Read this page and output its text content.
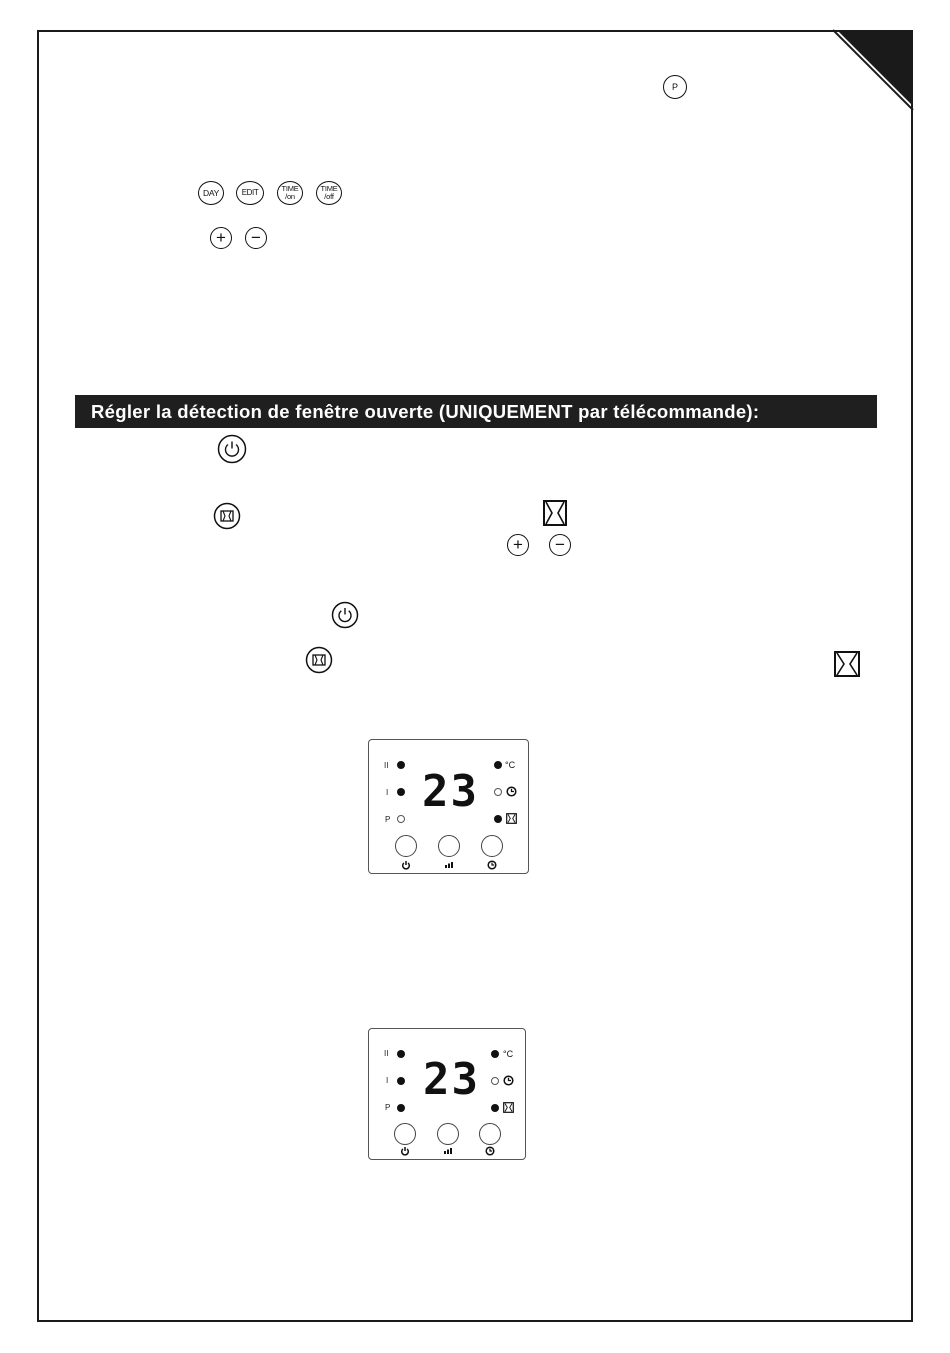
P
DAY	EDIT	TIME
/on
TIME
/off
+ −
Régler la détection de fenêtre ouverte (UNIQUEMENT par télécommande):
+ −
II
I
P
23
°C
II
I
P
23	°C
